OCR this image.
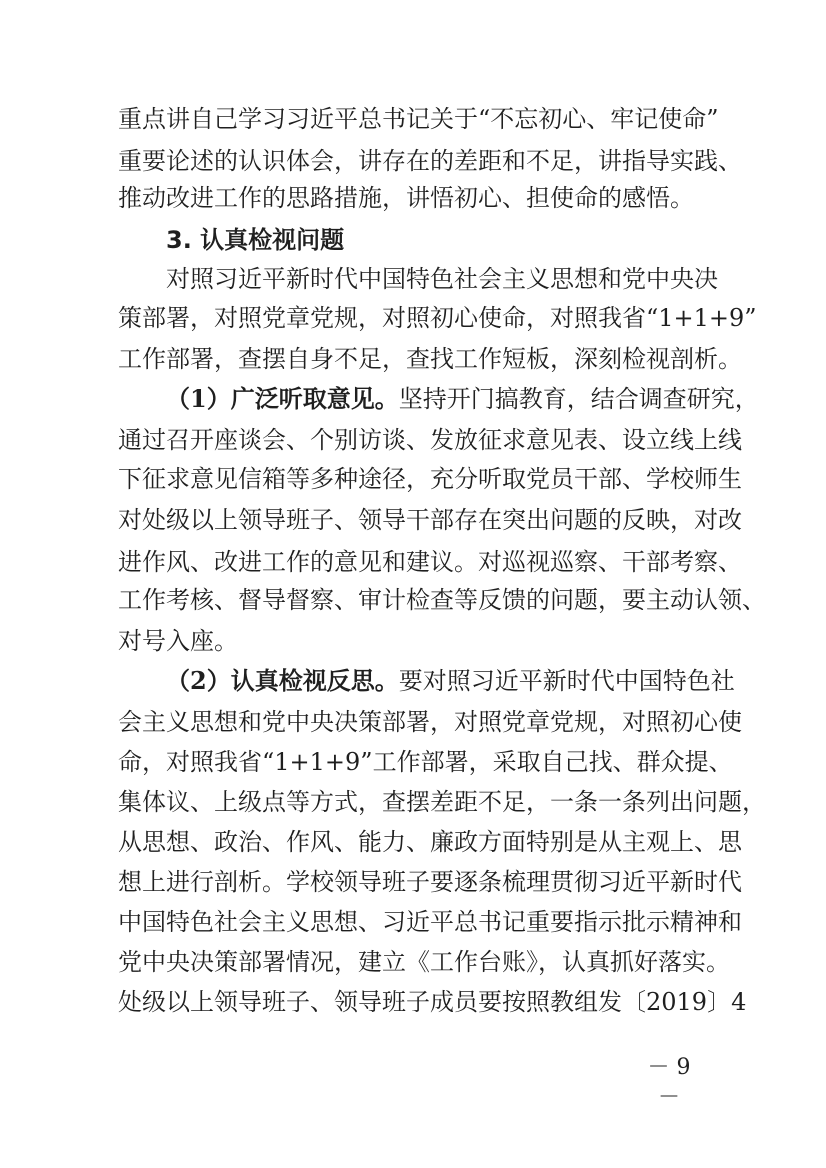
重点讲自己学习习近平总书记关于“不忘初心、牢记使命”
重要论述的认识体会，讲存在的差距和不足，讲指导实践、
推动改进工作的思路措施，讲悟初心、担使命的感悟。
3. 认真检视问题
对照习近平新时代中国特色社会主义思想和党中央决
策部署，对照党章党规，对照初心使命，对照我省“1+1+9”
工作部署，查摆自身不足，查找工作短板，深刻检视剖析。
（1）广泛听取意见。坚持开门搞教育，结合调查研究，
通过召开座谈会、个别访谈、发放征求意见表、设立线上线
下征求意见信箱等多种途径，充分听取党员干部、学校师生
对处级以上领导班子、领导干部存在突出问题的反映，对改
进作风、改进工作的意见和建议。对巡视巡察、干部考察、
工作考核、督导督察、审计检查等反馈的问题，要主动认领、
对号入座。
（2）认真检视反思。要对照习近平新时代中国特色社
会主义思想和党中央决策部署，对照党章党规，对照初心使
命，对照我省“1+1+9”工作部署，采取自己找、群众提、
集体议、上级点等方式，查摆差距不足，一条一条列出问题，
从思想、政治、作风、能力、廉政方面特别是从主观上、思
想上进行剖析。学校领导班子要逐条梳理贯彻习近平新时代
中国特色社会主义思想、习近平总书记重要指示批示精神和
党中央决策部署情况，建立《工作台账》，认真抓好落实。
处级以上领导班子、领导班子成员要按照教组发〔2019〕4
－ 9 －
